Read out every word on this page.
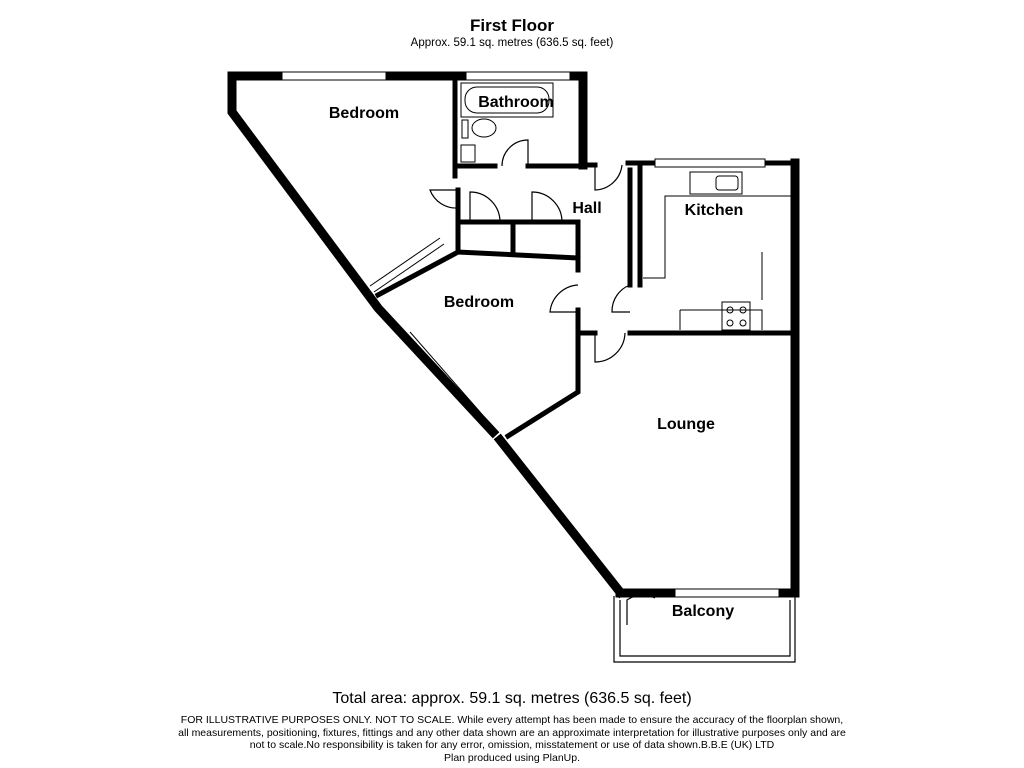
First Floor
Approx. 59.1 sq. metres (636.5 sq. feet)
Bedroom
Bathroom
Hall	Kitchen
Bedroom
Lounge
Balcony
Total area: approx. 59.1 sq. metres (636.5 sq. feet)
FOR ILLUSTRATIVE PURPOSES ONLY. NOT TO SCALE. While every attempt has been made to ensure the accuracy of the floorplan shown,
all measurements, positioning, fixtures, fittings and any other data shown are an approximate interpretation for illustrative purposes only and are
not to scale.No responsibility is taken for any error, omission, misstatement or use of data shown.B.B.E (UK) LTD
Plan produced using PlanUp.
